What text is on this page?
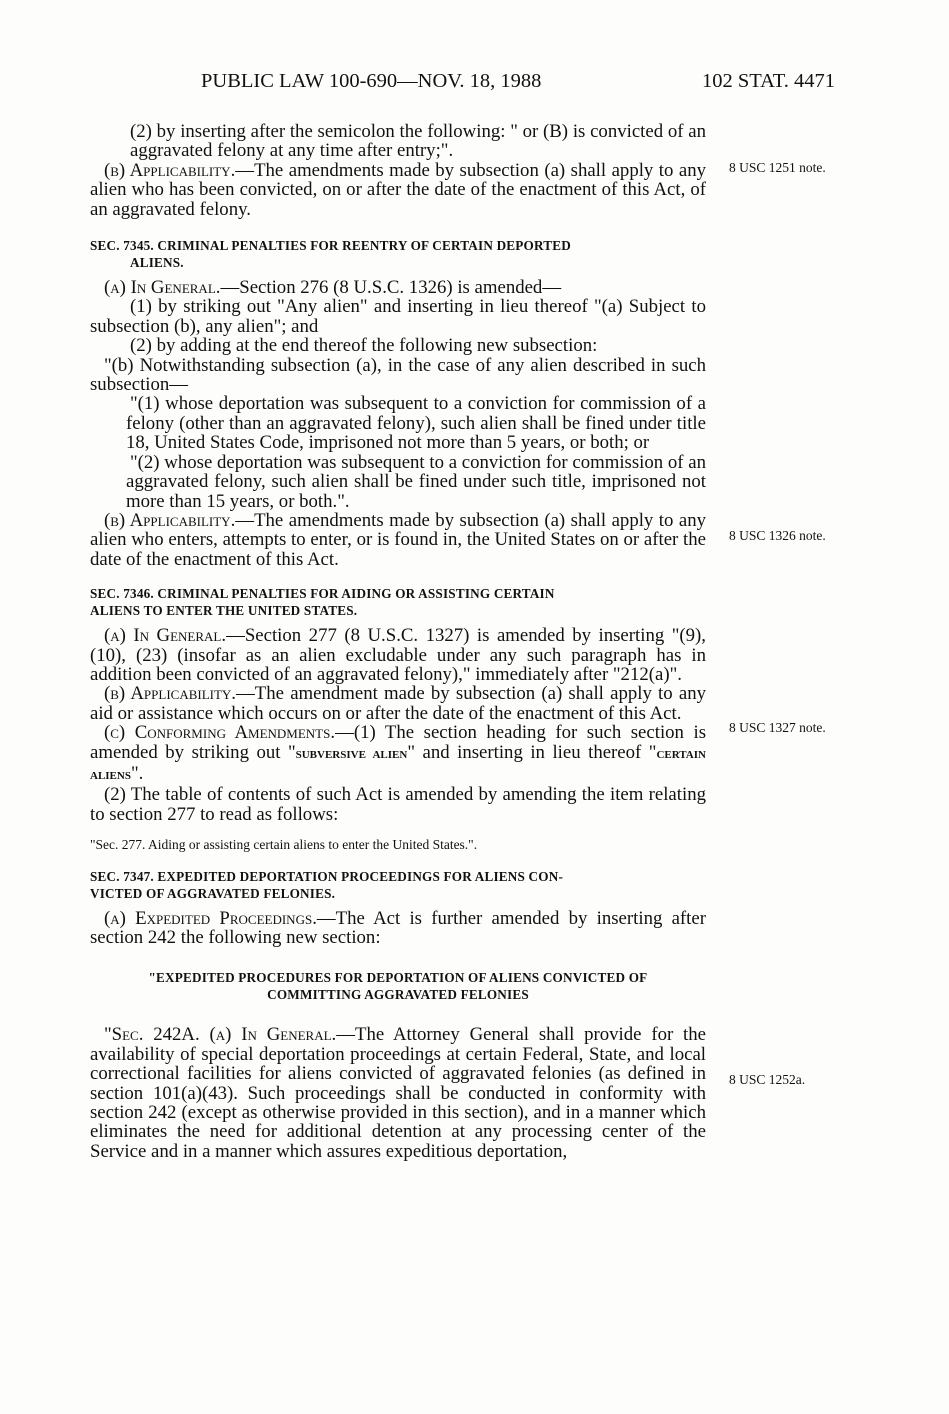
PUBLIC LAW 100-690—NOV. 18, 1988	102 STAT. 4471
8 USC 1251 note.
8 USC 1326 note.
8 USC 1327 note.
8 USC 1252a.

(2) by inserting after the semicolon the following: " or (B) is convicted of an aggravated felony at any time after entry;".

(b) Applicability.—The amendments made by subsection (a) shall apply to any alien who has been convicted, on or after the date of the enactment of this Act, of an aggravated felony.

SEC. 7345. CRIMINAL PENALTIES FOR REENTRY OF CERTAIN DEPORTED
ALIENS.

(a) In General.—Section 276 (8 U.S.C. 1326) is amended—

(1) by striking out "Any alien" and inserting in lieu thereof "(a) Subject to subsection (b), any alien"; and

(2) by adding at the end thereof the following new subsection:

"(b) Notwithstanding subsection (a), in the case of any alien described in such subsection—

"(1) whose deportation was subsequent to a conviction for commission of a felony (other than an aggravated felony), such alien shall be fined under title 18, United States Code, imprisoned not more than 5 years, or both; or

"(2) whose deportation was subsequent to a conviction for commission of an aggravated felony, such alien shall be fined under such title, imprisoned not more than 15 years, or both.".

(b) Applicability.—The amendments made by subsection (a) shall apply to any alien who enters, attempts to enter, or is found in, the United States on or after the date of the enactment of this Act.

SEC. 7346. CRIMINAL PENALTIES FOR AIDING OR ASSISTING CERTAIN
ALIENS TO ENTER THE UNITED STATES.

(a) In General.—Section 277 (8 U.S.C. 1327) is amended by inserting "(9), (10), (23) (insofar as an alien excludable under any such paragraph has in addition been convicted of an aggravated felony)," immediately after "212(a)".

(b) Applicability.—The amendment made by subsection (a) shall apply to any aid or assistance which occurs on or after the date of the enactment of this Act.

(c) Conforming Amendments.—(1) The section heading for such section is amended by striking out "subversive alien" and inserting in lieu thereof "certain aliens".

(2) The table of contents of such Act is amended by amending the item relating to section 277 to read as follows:

"Sec. 277. Aiding or assisting certain aliens to enter the United States.".

SEC. 7347. EXPEDITED DEPORTATION PROCEEDINGS FOR ALIENS CON-
VICTED OF AGGRAVATED FELONIES.

(a) Expedited Proceedings.—The Act is further amended by inserting after section 242 the following new section:

"EXPEDITED PROCEDURES FOR DEPORTATION OF ALIENS CONVICTED OF
COMMITTING AGGRAVATED FELONIES

"Sec. 242A. (a) In General.—The Attorney General shall provide for the availability of special deportation proceedings at certain Federal, State, and local correctional facilities for aliens convicted of aggravated felonies (as defined in section 101(a)(43). Such proceedings shall be conducted in conformity with section 242 (except as otherwise provided in this section), and in a manner which eliminates the need for additional detention at any processing center of the Service and in a manner which assures expeditious deportation,
